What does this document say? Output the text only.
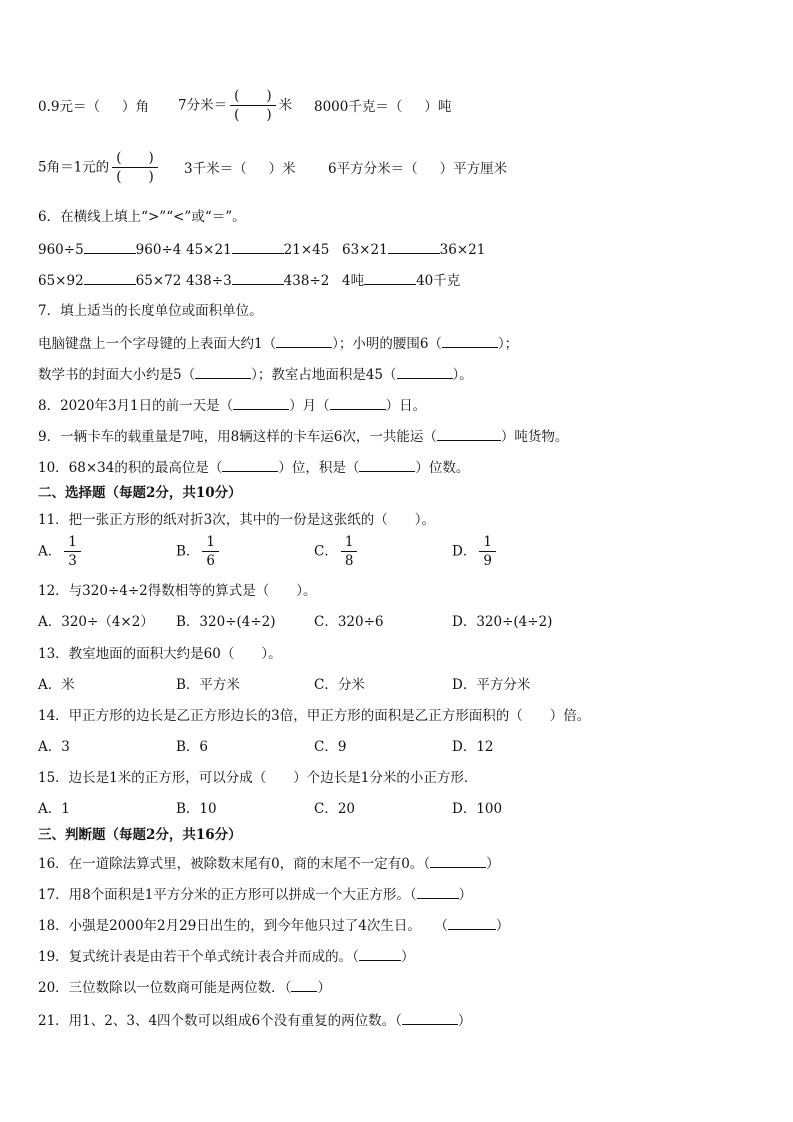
0.9元＝（ ）角 7分米＝ $\frac{( )}{( )}$ 米 8000千克＝（ ）吨
5角＝1元的 $\frac{( )}{( )} 3$千米＝（ ）米 6平方分米＝（ ）平方厘米
6．在横线上填上“>”“<”或“＝”。
960÷5	960÷4 45×21	21×45 63×21	36×21
65×92	65×72 438÷3	438÷2 4吨	40千克
7．填上适当的长度单位或面积单位。
电脑键盘上一个字母键的上表面大约1（	）；小明的腰围6（	）；
数学书的封面大小约是5（	）；教室占地面积是45（	）。
8．2020年3月1日的前一天是（	）月（	）日。
9．一辆卡车的载重量是7吨，用8辆这样的卡车运6次，一共能运（	）吨货物。
10．68×34的积的最高位是（	）位，积是（	）位数。
二、选择题（每题2分，共10分）
11．把一张正方形的纸对折3次，其中的一份是这张纸的（　　）。
A． $\frac{1}{3}$	B． $\frac{1}{6}$	C． $\frac{1}{8}$	D． $\frac{1}{9}$
12．与320÷4÷2得数相等的算式是（　　）。
A．320÷（4×2） B．320÷(4÷2)	C．320÷6	D．320÷(4÷2)
13．教室地面的面积大约是60（　　）。
A．米	B．平方米	C．分米	D．平方分米
14．甲正方形的边长是乙正方形边长的3倍，甲正方形的面积是乙正方形面积的（　　）倍。
A．3	B．6	C．9	D．12
15．边长是1米的正方形，可以分成（　　）个边长是1分米的小正方形．
A．1	B．10	C．20	D．100
三、判断题（每题2分，共16分）
16．在一道除法算式里，被除数末尾有0，商的末尾不一定有0。（	）
17．用8个面积是1平方分米的正方形可以拼成一个大正方形。（	）
18．小强是2000年2月29日出生的，到今年他只过了4次生日。　　（	）
19．复式统计表是由若干个单式统计表合并而成的。（	）
20．三位数除以一位数商可能是两位数．（ ）
21．用1、2、3、4四个数可以组成6个没有重复的两位数。（	）
